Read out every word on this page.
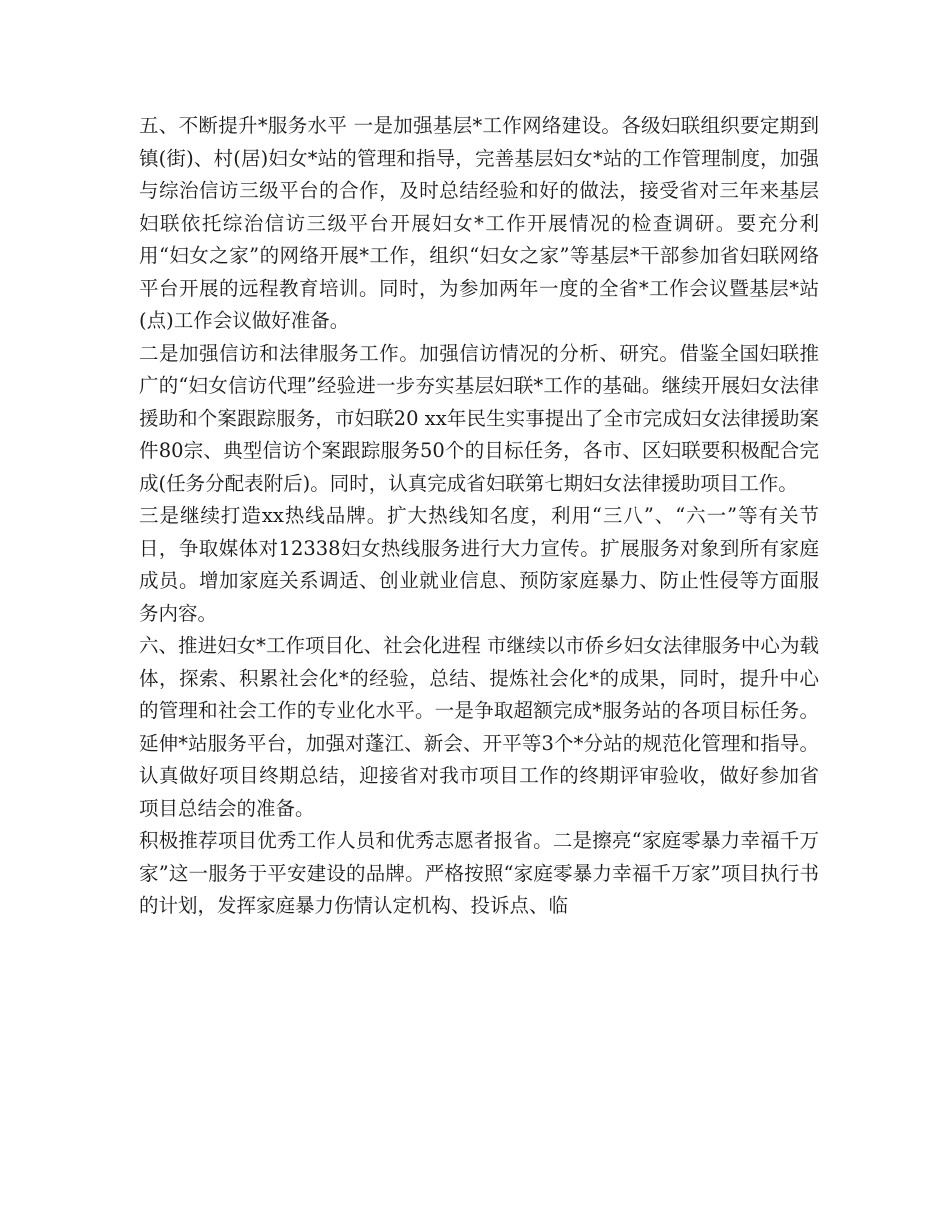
五、不断提升*服务水平 一是加强基层*工作网络建设。各级妇联组织要定期到镇(街)、村(居)妇女*站的管理和指导，完善基层妇女*站的工作管理制度，加强与综治信访三级平台的合作，及时总结经验和好的做法，接受省对三年来基层妇联依托综治信访三级平台开展妇女*工作开展情况的检查调研。要充分利用“妇女之家”的网络开展*工作，组织“妇女之家”等基层*干部参加省妇联网络平台开展的远程教育培训。同时，为参加两年一度的全省*工作会议暨基层*站(点)工作会议做好准备。

二是加强信访和法律服务工作。加强信访情况的分析、研究。借鉴全国妇联推广的“妇女信访代理”经验进一步夯实基层妇联*工作的基础。继续开展妇女法律援助和个案跟踪服务，市妇联20 xx年民生实事提出了全市完成妇女法律援助案件80宗、典型信访个案跟踪服务50个的目标任务，各市、区妇联要积极配合完成(任务分配表附后)。同时，认真完成省妇联第七期妇女法律援助项目工作。

三是继续打造xx热线品牌。扩大热线知名度，利用“三八”、“六一”等有关节日，争取媒体对12338妇女热线服务进行大力宣传。扩展服务对象到所有家庭成员。增加家庭关系调适、创业就业信息、预防家庭暴力、防止性侵等方面服务内容。

六、推进妇女*工作项目化、社会化进程 市继续以市侨乡妇女法律服务中心为载体，探索、积累社会化*的经验，总结、提炼社会化*的成果，同时，提升中心的管理和社会工作的专业化水平。一是争取超额完成*服务站的各项目标任务。延伸*站服务平台，加强对蓬江、新会、开平等3个*分站的规范化管理和指导。认真做好项目终期总结，迎接省对我市项目工作的终期评审验收，做好参加省项目总结会的准备。

积极推荐项目优秀工作人员和优秀志愿者报省。二是擦亮“家庭零暴力幸福千万家”这一服务于平安建设的品牌。严格按照“家庭零暴力幸福千万家”项目执行书的计划，发挥家庭暴力伤情认定机构、投诉点、临
